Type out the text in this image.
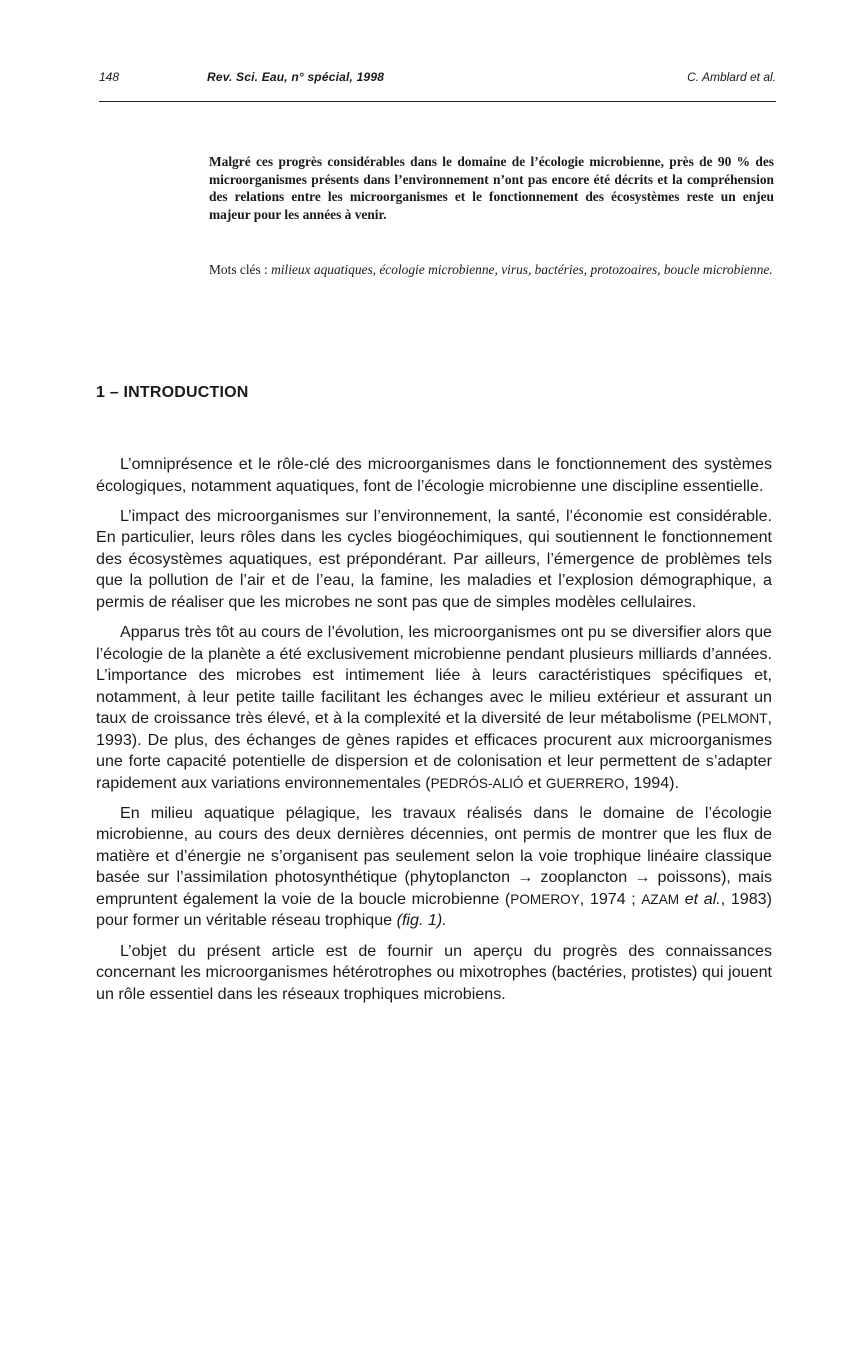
148	Rev. Sci. Eau, n° spécial, 1998	C. Amblard et al.
Malgré ces progrès considérables dans le domaine de l’écologie microbienne, près de 90 % des microorganismes présents dans l’environnement n’ont pas encore été décrits et la compréhension des relations entre les microorganismes et le fonctionnement des écosystèmes reste un enjeu majeur pour les années à venir.
Mots clés : milieux aquatiques, écologie microbienne, virus, bactéries, protozoaires, boucle microbienne.
1 – INTRODUCTION

L’omniprésence et le rôle-clé des microorganismes dans le fonctionnement des systèmes écologiques, notamment aquatiques, font de l’écologie microbienne une discipline essentielle.

L’impact des microorganismes sur l’environnement, la santé, l’économie est considérable. En particulier, leurs rôles dans les cycles biogéochimiques, qui soutiennent le fonctionnement des écosystèmes aquatiques, est prépondérant. Par ailleurs, l’émergence de problèmes tels que la pollution de l’air et de l’eau, la famine, les maladies et l’explosion démographique, a permis de réaliser que les microbes ne sont pas que de simples modèles cellulaires.

Apparus très tôt au cours de l’évolution, les microorganismes ont pu se diversifier alors que l’écologie de la planète a été exclusivement microbienne pendant plusieurs milliards d’années. L’importance des microbes est intimement liée à leurs caractéristiques spécifiques et, notamment, à leur petite taille facilitant les échanges avec le milieu extérieur et assurant un taux de croissance très élevé, et à la complexité et la diversité de leur métabolisme (PELMONT, 1993). De plus, des échanges de gènes rapides et efficaces procurent aux microorganismes une forte capacité potentielle de dispersion et de colonisation et leur permettent de s’adapter rapidement aux variations environnementales (PEDRÓS-ALIÓ et GUERRERO, 1994).

En milieu aquatique pélagique, les travaux réalisés dans le domaine de l’écologie microbienne, au cours des deux dernières décennies, ont permis de montrer que les flux de matière et d’énergie ne s’organisent pas seulement selon la voie trophique linéaire classique basée sur l’assimilation photosynthétique (phytoplancton → zooplancton → poissons), mais empruntent également la voie de la boucle microbienne (POMEROY, 1974 ; AZAM et al., 1983) pour former un véritable réseau trophique (fig. 1).

L’objet du présent article est de fournir un aperçu du progrès des connaissances concernant les microorganismes hétérotrophes ou mixotrophes (bactéries, protistes) qui jouent un rôle essentiel dans les réseaux trophiques microbiens.
